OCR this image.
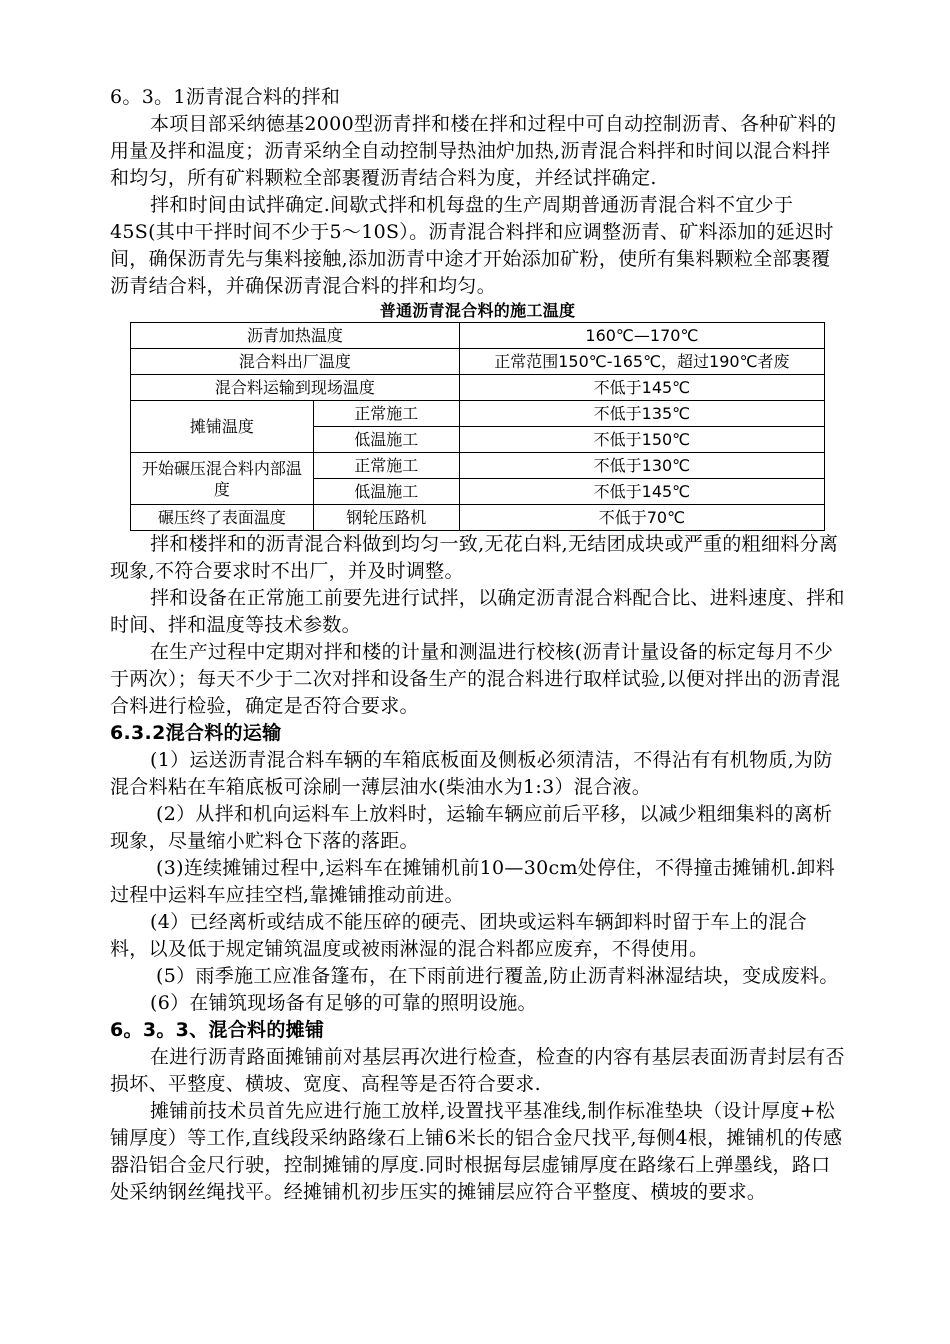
6。3。1沥青混合料的拌和

本项目部采纳德基2000型沥青拌和楼在拌和过程中可自动控制沥青、各种矿料的用量及拌和温度；沥青采纳全自动控制导热油炉加热,沥青混合料拌和时间以混合料拌和均匀，所有矿料颗粒全部裹覆沥青结合料为度，并经试拌确定.

拌和时间由试拌确定.间歇式拌和机每盘的生产周期普通沥青混合料不宜少于45S(其中干拌时间不少于5～10S）。沥青混合料拌和应调整沥青、矿料添加的延迟时间，确保沥青先与集料接触,添加沥青中途才开始添加矿粉，使所有集料颗粒全部裹覆沥青结合料，并确保沥青混合料的拌和均匀。

普通沥青混合料的施工温度

沥青加热温度		160℃—170℃
混合料出厂温度		正常范围150℃-165℃，超过190℃者废
混合料运输到现场温度		不低于145℃
摊铺温度	正常施工	不低于135℃
	低温施工	不低于150℃
开始碾压混合料内部温度	正常施工	不低于130℃
	低温施工	不低于145℃
碾压终了表面温度	钢轮压路机	不低于70℃

拌和楼拌和的沥青混合料做到均匀一致,无花白料,无结团成块或严重的粗细料分离现象,不符合要求时不出厂，并及时调整。

拌和设备在正常施工前要先进行试拌，以确定沥青混合料配合比、进料速度、拌和时间、拌和温度等技术参数。

在生产过程中定期对拌和楼的计量和测温进行校核(沥青计量设备的标定每月不少于两次）；每天不少于二次对拌和设备生产的混合料进行取样试验,以便对拌出的沥青混合料进行检验，确定是否符合要求。

6.3.2混合料的运输

(1）运送沥青混合料车辆的车箱底板面及侧板必须清洁，不得沾有有机物质,为防混合料粘在车箱底板可涂刷一薄层油水(柴油水为1:3）混合液。

(2）从拌和机向运料车上放料时，运输车辆应前后平移，以减少粗细集料的离析现象，尽量缩小贮料仓下落的落距。

(3)连续摊铺过程中,运料车在摊铺机前10—30cm处停住，不得撞击摊铺机.卸料过程中运料车应挂空档,靠摊铺推动前进。

(4）已经离析或结成不能压碎的硬壳、团块或运料车辆卸料时留于车上的混合料，以及低于规定铺筑温度或被雨淋湿的混合料都应废弃，不得使用。

(5）雨季施工应准备篷布，在下雨前进行覆盖,防止沥青料淋湿结块，变成废料。

(6）在铺筑现场备有足够的可靠的照明设施。

6。3。3、混合料的摊铺

在进行沥青路面摊铺前对基层再次进行检查，检查的内容有基层表面沥青封层有否损坏、平整度、横坡、宽度、高程等是否符合要求.

摊铺前技术员首先应进行施工放样,设置找平基准线,制作标准垫块（设计厚度+松铺厚度）等工作,直线段采纳路缘石上铺6米长的铝合金尺找平,每侧4根，摊铺机的传感器沿铝合金尺行驶，控制摊铺的厚度.同时根据每层虚铺厚度在路缘石上弹墨线，路口处采纳钢丝绳找平。经摊铺机初步压实的摊铺层应符合平整度、横坡的要求。
